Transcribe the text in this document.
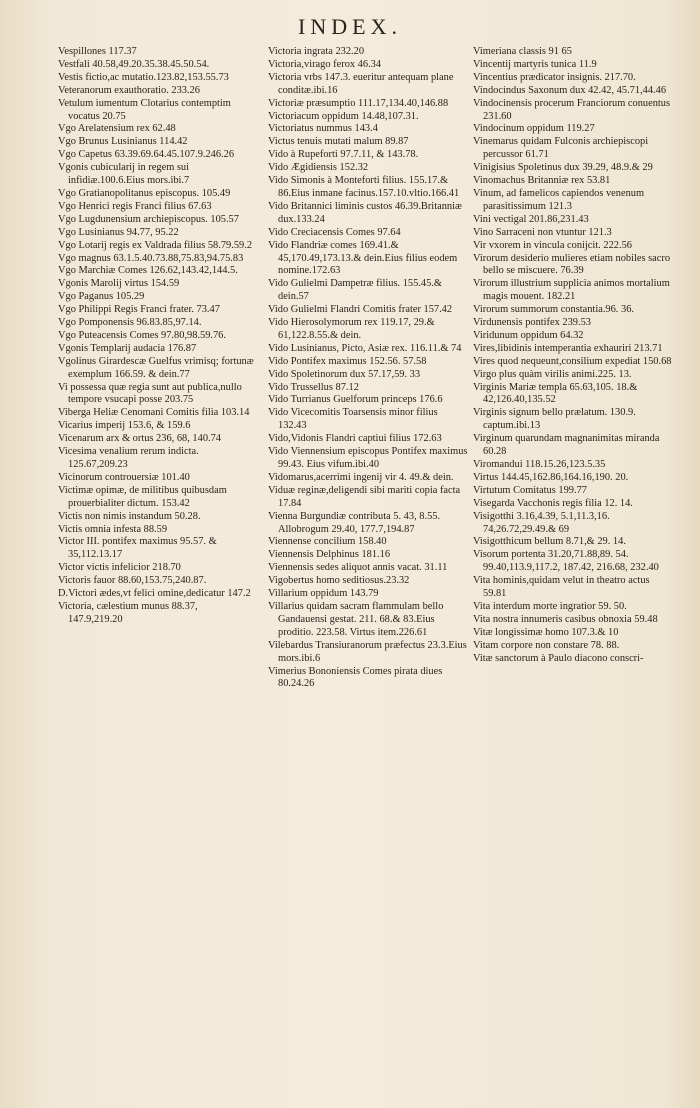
INDEX.

Vespillones 117.37

Vestfali 40.58,49.20.35.38.45.50.54.

Vestis fictio,ac mutatio.123.82,153.55.73

Veteranorum exauthoratio. 233.26

Vetulum iumentum Clotarius contemptim vocatus 20.75

Vgo Arelatensium rex 62.48

Vgo Brunus Lusinianus 114.42

Vgo Capetus 63.39.69.64.45.107.9.246.26

Vgonis cubicularij in regem sui infidiæ.100.6.Eius mors.ibi.7

Vgo Gratianopolitanus episcopus. 105.49

Vgo Henrici regis Franci filius 67.63

Vgo Lugdunensium archiepiscopus. 105.57

Vgo Lusinianus 94.77, 95.22

Vgo Lotarij regis ex Valdrada filius 58.79.59.2

Vgo magnus 63.1.5.40.73.88,75.83,94.75.83

Vgo Marchiæ Comes 126.62,143.42,144.5.

Vgonis Marolij virtus 154.59

Vgo Paganus 105.29

Vgo Philippi Regis Franci frater. 73.47

Vgo Pomponensis 96.83.85,97.14.

Vgo Puteacensis Comes 97.80,98.59.76.

Vgonis Templarij audacia 176.87

Vgolinus Girardescæ Guelfus vrimisq; fortunæ exemplum 166.59. & dein.77

Vi possessa quæ regia sunt aut publica,nullo tempore vsucapi posse 203.75

Viberga Heliæ Cenomani Comitis filia 103.14

Vicarius imperij 153.6, & 159.6

Vicenarum arx & ortus 236, 68, 140.74

Vicesima venalium rerum indicta. 125.67,209.23

Vicinorum controuersiæ 101.40

Victimæ opimæ, de militibus quibusdam prouerbialiter dictum. 153.42

Victis non nimis instandum 50.28.

Victis omnia infesta 88.59

Victor III. pontifex maximus 95.57. & 35,112.13.17

Victor victis infelicior 218.70

Victoris fauor 88.60,153.75,240.87.

D.Victori ædes,vt felici omine,dedicatur 147.2

Victoria, cælestium munus 88.37, 147.9,219.20

Victoria ingrata 232.20

Victoria,virago ferox 46.34

Victoria vrbs 147.3. eueritur antequam plane conditæ.ibi.16

Victoriæ præsumptio 111.17,134.40,146.88

Victoriacum oppidum 14.48,107.31.

Victoriatus nummus 143.4

Victus tenuis mutati malum 89.87

Vido à Rupeforti 97.7.11, & 143.78.

Vido Ægidiensis 152.32

Vido Simonis à Monteforti filius. 155.17.& 86.Eius inmane facinus.157.10.vltio.166.41

Vido Britannici liminis custos 46.39.Britanniæ dux.133.24

Vido Creciacensis Comes 97.64

Vido Flandriæ comes 169.41.& 45,170.49,173.13.& dein.Eius filius eodem nomine.172.63

Vido Gulielmi Dampetræ filius. 155.45.& dein.57

Vido Gulielmi Flandri Comitis frater 157.42

Vido Hierosolymorum rex 119.17, 29.& 61,122.8.55.& dein.

Vido Lusinianus, Picto, Asiæ rex. 116.11.& 74

Vido Pontifex maximus 152.56. 57.58

Vido Spoletinorum dux 57.17,59. 33

Vido Trussellus 87.12

Vido Turrianus Guelforum princeps 176.6

Vido Vicecomitis Toarsensis minor filius 132.43

Vido,Vidonis Flandri captiui filius 172.63

Vido Viennensium episcopus Pontifex maximus 99.43. Eius vifum.ibi.40

Vidomarus,acerrimi ingenij vir 4. 49.& dein.

Viduæ reginæ,deligendi sibi mariti copia facta 17.84

Vienna Burgundiæ contributa 5. 43, 8.55. Allobrogum 29.40, 177.7,194.87

Viennense concilium 158.40

Viennensis Delphinus 181.16

Viennensis sedes aliquot annis vacat. 31.11

Vigobertus homo seditiosus.23.32

Villarium oppidum 143.79

Villarius quidam sacram flammulam bello Gandauensi gestat. 211. 68.& 83.Eius proditio. 223.58. Virtus item.226.61

Vilebardus Transiuranorum præfectus 23.3.Eius mors.ibi.6

Vimerius Bononiensis Comes pirata diues 80.24.26

Vimeriana classis 91 65

Vincentij martyris tunica 11.9

Vincentius prædicator insignis. 217.70.

Vindocindus Saxonum dux 42.42, 45.71,44.46

Vindocinensis procerum Franciorum conuentus 231.60

Vindocinum oppidum 119.27

Vinemarus quidam Fulconis archiepiscopi percussor 61.71

Vinigisius Spoletinus dux 39.29, 48.9.& 29

Vinomachus Britanniæ rex 53.81

Vinum, ad famelicos capiendos venenum parasitissimum 121.3

Vini vectigal 201.86,231.43

Vino Sarraceni non vtuntur 121.3

Vir vxorem in vincula conijcit. 222.56

Virorum desiderio mulieres etiam nobiles sacro bello se miscuere. 76.39

Virorum illustrium supplicia animos mortalium magis mouent. 182.21

Virorum summorum constantia.96. 36.

Virdunensis pontifex 239.53

Viridunum oppidum 64.32

Vires,libidinis intemperantia exhauriri 213.71

Vires quod nequeunt,consilium expediat 150.68

Virgo plus quàm virilis animi.225. 13.

Virginis Mariæ templa 65.63,105. 18.& 42,126.40,135.52

Virginis signum bello prælatum. 130.9. captum.ibi.13

Virginum quarundam magnanimitas miranda 60.28

Viromandui 118.15.26,123.5.35

Virtus 144.45,162.86,164.16,190. 20.

Virtutum Comitatus 199.77

Visegarda Vacchonis regis filia 12. 14.

Visigotthi 3.16,4.39, 5.1,11.3,16. 74,26.72,29.49.& 69

Visigotthicum bellum 8.71,& 29. 14.

Visorum portenta 31.20,71.88,89. 54. 99.40,113.9,117.2, 187.42, 216.68, 232.40

Vita hominis,quidam velut in theatro actus 59.81

Vita interdum morte ingratior 59. 50.

Vita nostra innumeris casibus obnoxia 59.48

Vitæ longissimæ homo 107.3.& 10

Vitam corpore non constare 78. 88.

Vitæ sanctorum à Paulo diacono conscri-
